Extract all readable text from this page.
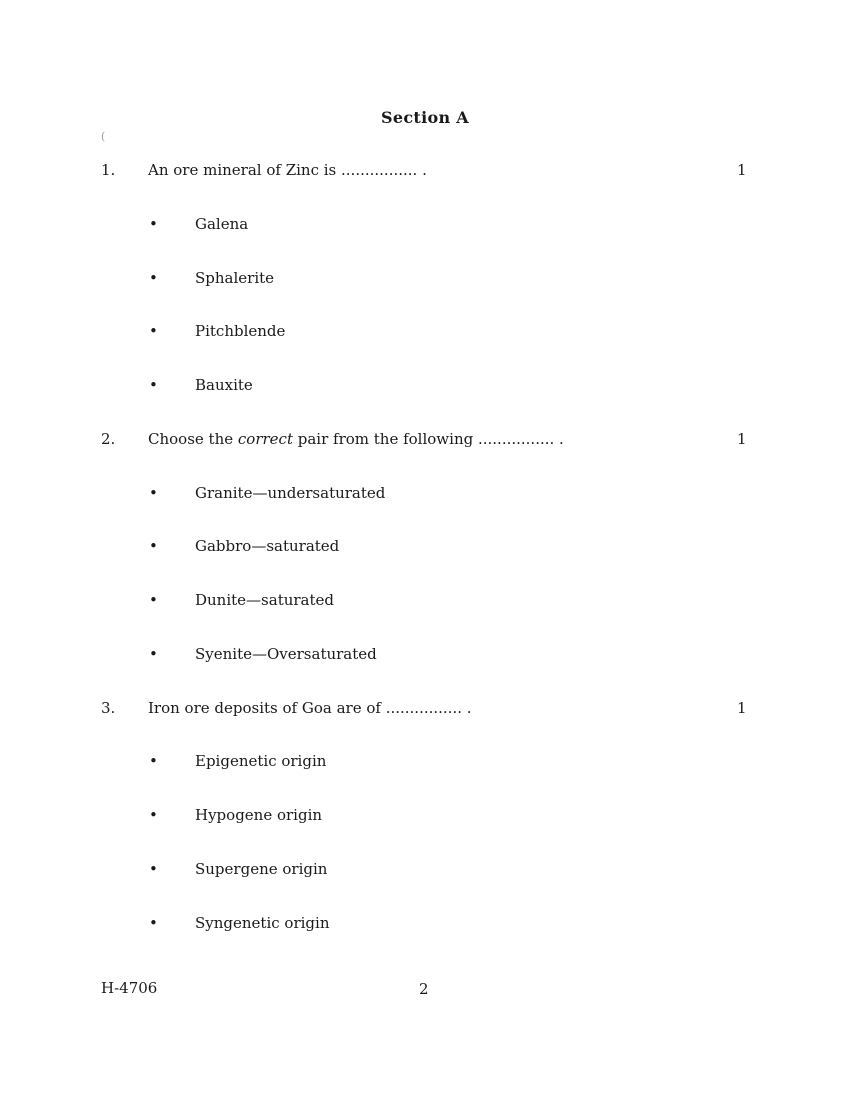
(
Section A
1. An ore mineral of Zinc is ................ .	1
• Galena
• Sphalerite
• Pitchblende
• Bauxite
2. Choose the correct pair from the following ................ .	1
• Granite—undersaturated
• Gabbro—saturated
• Dunite—saturated
• Syenite—Oversaturated
3. Iron ore deposits of Goa are of ................ .	1
• Epigenetic origin
• Hypogene origin
• Supergene origin
• Syngenetic origin
H-4706	2
